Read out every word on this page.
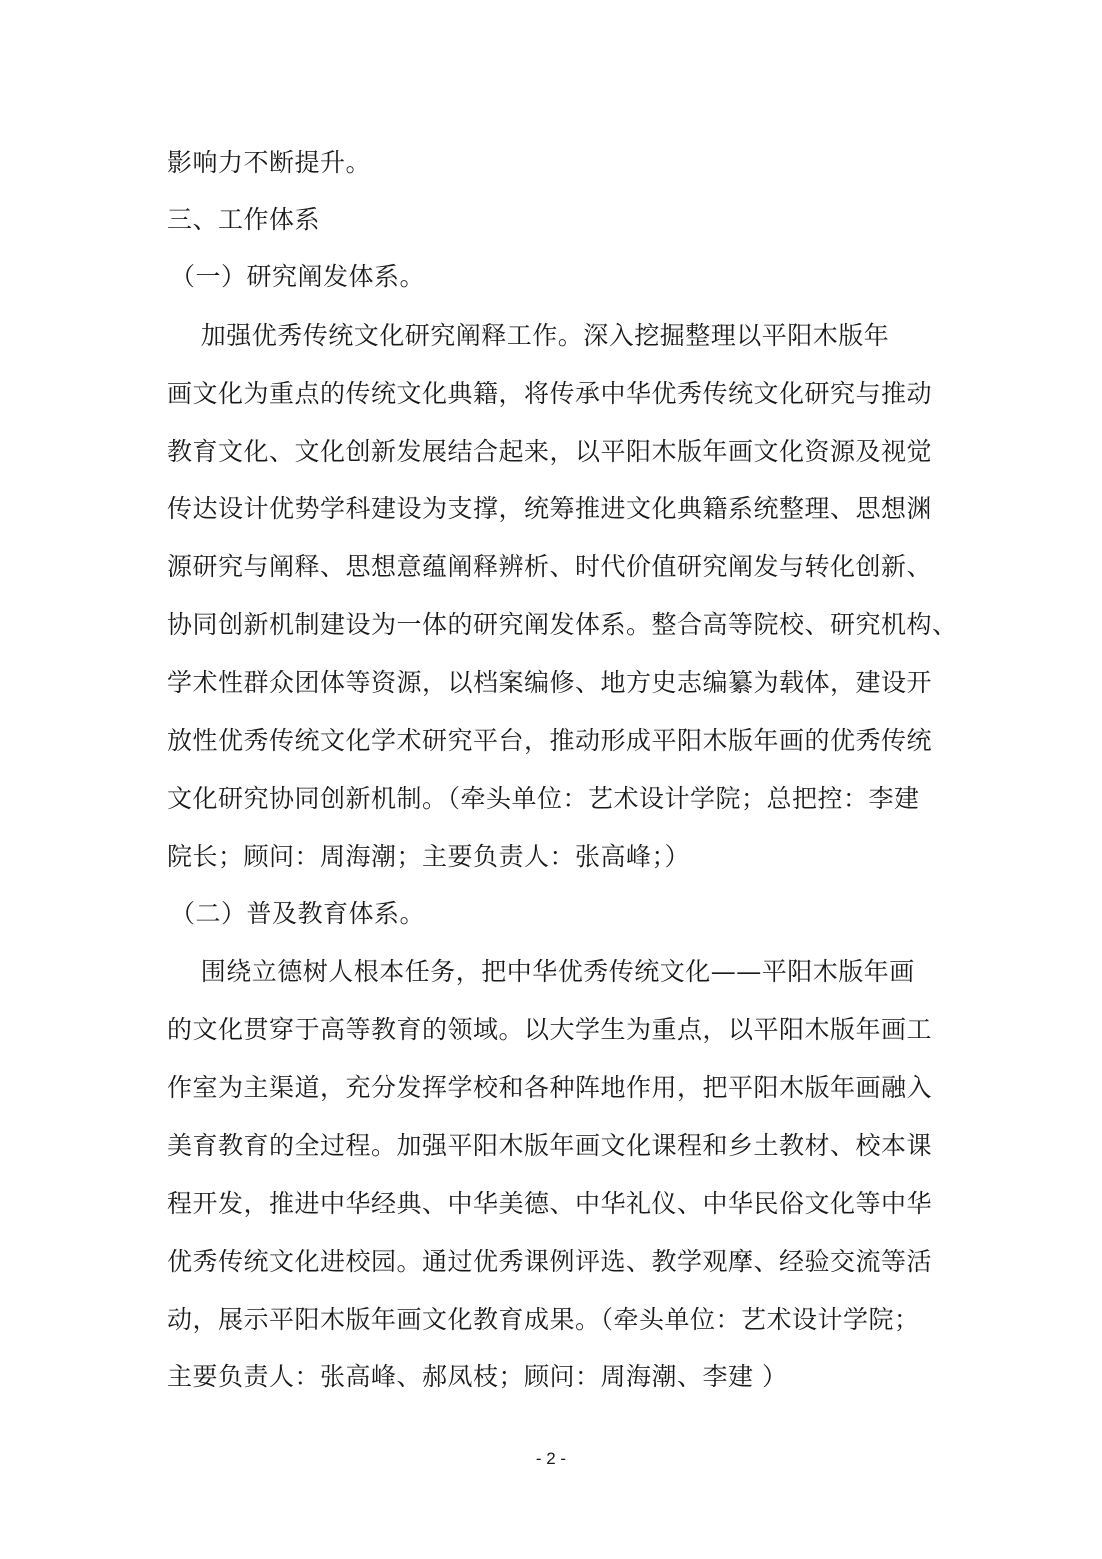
影响力不断提升。
三、工作体系
（一）研究阐发体系。
加强优秀传统文化研究阐释工作。深入挖掘整理以平阳木版年
画文化为重点的传统文化典籍，将传承中华优秀传统文化研究与推动
教育文化、文化创新发展结合起来，以平阳木版年画文化资源及视觉
传达设计优势学科建设为支撑，统筹推进文化典籍系统整理、思想渊
源研究与阐释、思想意蕴阐释辨析、时代价值研究阐发与转化创新、
协同创新机制建设为一体的研究阐发体系。整合高等院校、研究机构、
学术性群众团体等资源，以档案编修、地方史志编纂为载体，建设开
放性优秀传统文化学术研究平台，推动形成平阳木版年画的优秀传统
文化研究协同创新机制。（牵头单位：艺术设计学院；总把控：李建
院长；顾问：周海潮；主要负责人：张高峰；）
（二）普及教育体系。
围绕立德树人根本任务，把中华优秀传统文化——平阳木版年画
的文化贯穿于高等教育的领域。以大学生为重点，以平阳木版年画工
作室为主渠道，充分发挥学校和各种阵地作用，把平阳木版年画融入
美育教育的全过程。加强平阳木版年画文化课程和乡土教材、校本课
程开发，推进中华经典、中华美德、中华礼仪、中华民俗文化等中华
优秀传统文化进校园。通过优秀课例评选、教学观摩、经验交流等活
动，展示平阳木版年画文化教育成果。（牵头单位：艺术设计学院；
主要负责人：张高峰、郝凤枝；顾问：周海潮、李建 ）
- 2 -
